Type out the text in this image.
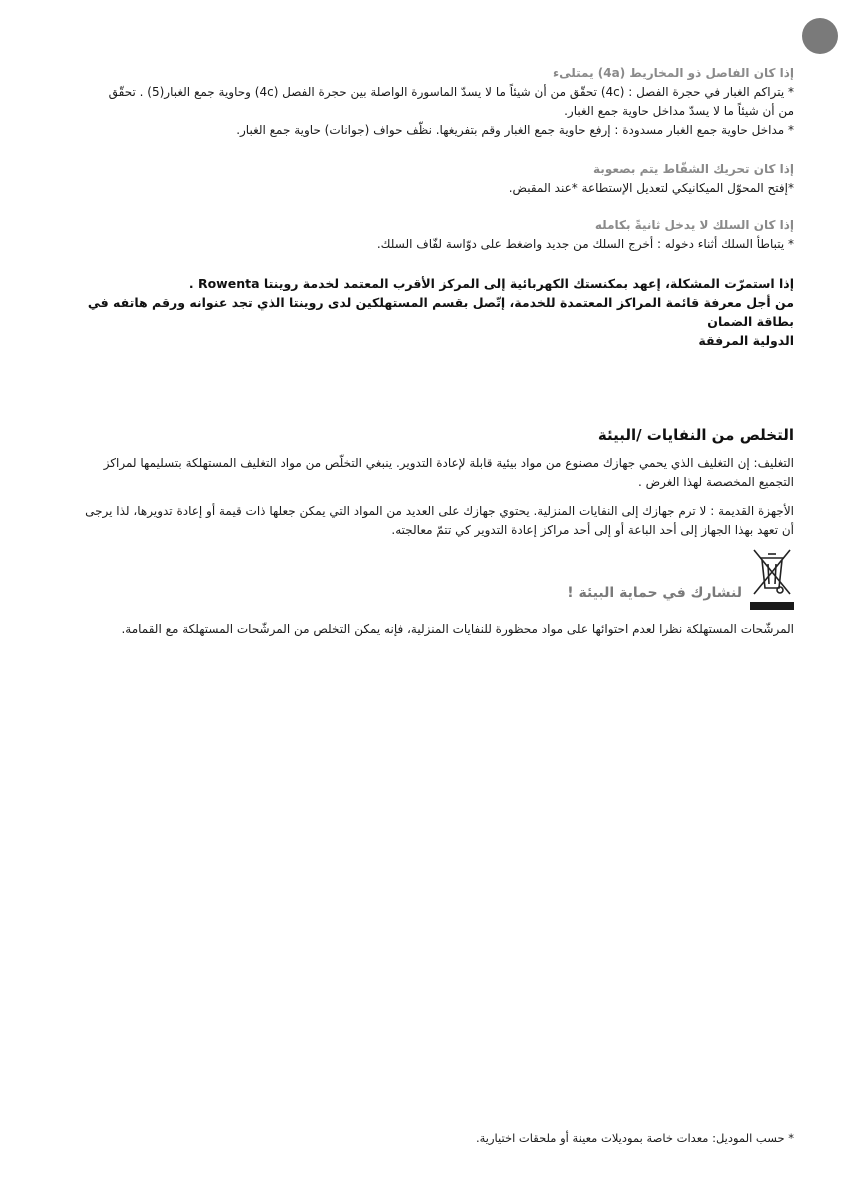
إذا كان الفاصل ذو المخاريط (4a) يمتلىء

* يتراكم الغبار في حجرة الفصل : (4c) تحقّق من أن شيئاً ما لا يسدّ الماسورة الواصلة بين حجرة الفصل (4c) وحاوية جمع الغبار(5) . تحقّق

من أن شيئاً ما لا يسدّ مداخل حاوية جمع الغبار.

* مداخل حاوية جمع الغبار مسدودة : إرفع حاوية جمع الغبار وقم بتفريغها. نظّف حواف (جوانات) حاوية جمع الغبار.

إذا كان تحريك الشفّاط يتم بصعوبة

*إفتح المحوّل الميكانيكي لتعديل الإستطاعة *عند المقبض.

إذا كان السلك لا يدخل ثانيةً بكامله

* يتباطأ السلك أثناء دخوله : أخرج السلك من جديد واضغط على دوّاسة لفّاف السلك.

إذا استمرّت المشكلة، إعهد بمكنستك الكهربائية إلى المركز الأقرب المعتمد لخدمة روينتا Rowenta .

من أجل معرفة قائمة المراكز المعتمدة للخدمة، إتّصل بقسم المستهلكين لدى روينتا الذي تجد عنوانه ورقم هاتفه في بطاقة الضمان

الدولية المرفقة

التخلص من النفايات /البيئة

التغليف: إن التغليف الذي يحمي جهازك مصنوع من مواد بيئية قابلة لإعادة التدوير. ينبغي التخلّص من مواد التغليف المستهلكة بتسليمها لمراكز التجميع المخصصة لهذا الغرض .

الأجهزة القديمة : لا ترم جهازك إلى النفايات المنزلية. يحتوي جهازك على العديد من المواد التي يمكن جعلها ذات قيمة أو إعادة تدويرها، لذا يرجى أن تعهد بهذا الجهاز إلى أحد الباعة أو إلى أحد مراكز إعادة التدوير كي تتمّ معالجته.

لنشارك في حماية البيئة !

المرشّحات المستهلكة نظرا لعدم احتوائها على مواد محظورة للنفايات المنزلية، فإنه يمكن التخلص من المرشّحات المستهلكة مع القمامة.

* حسب الموديل: معدات خاصة بموديلات معينة أو ملحقات اختيارية.
